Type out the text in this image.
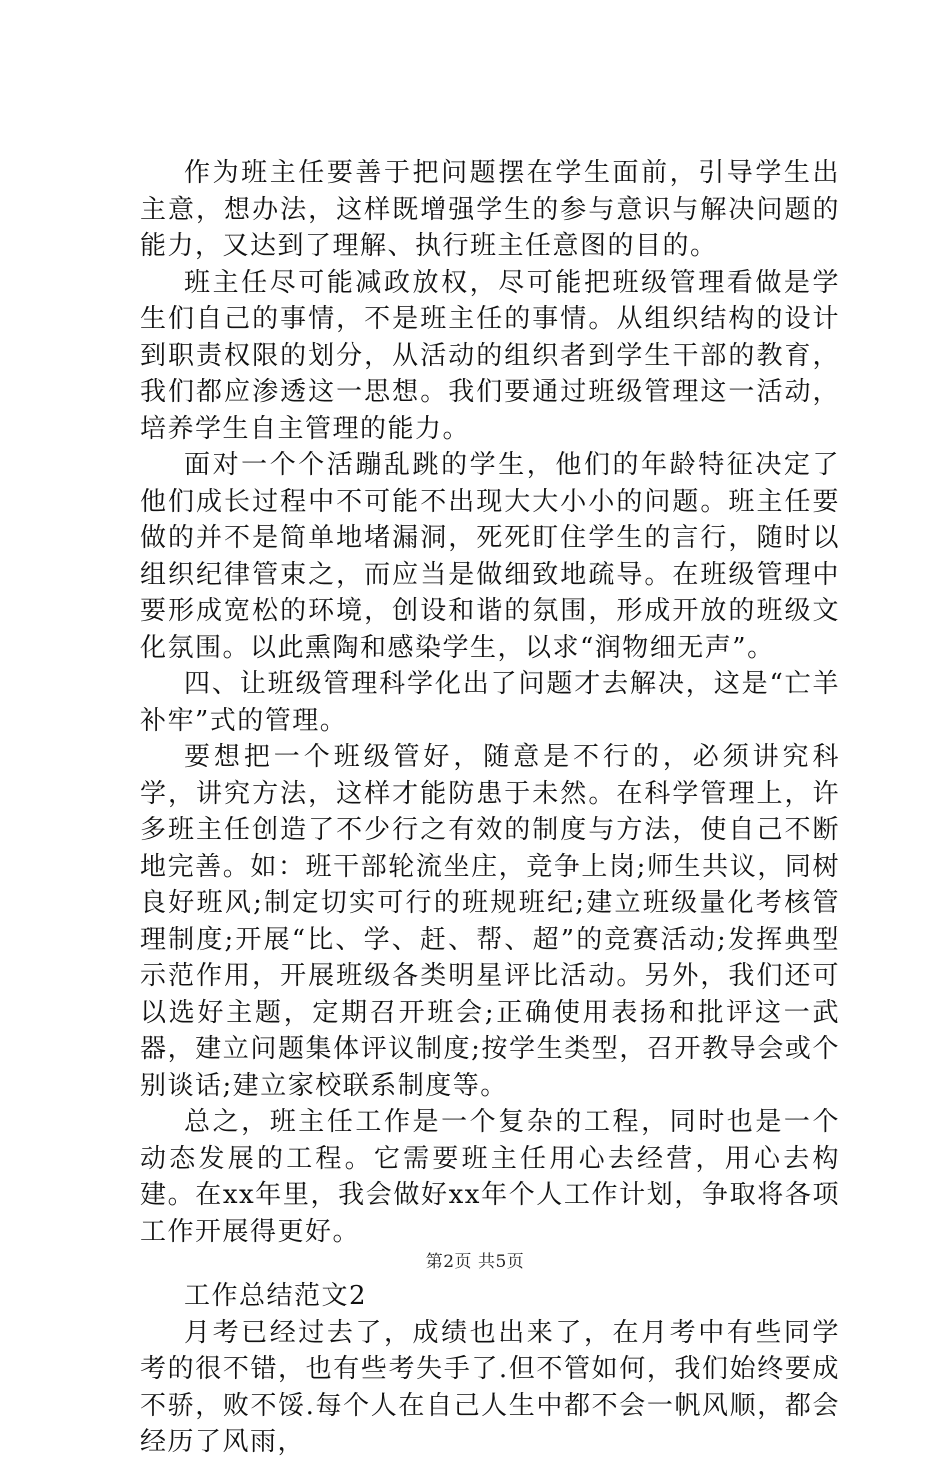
作为班主任要善于把问题摆在学生面前，引导学生出主意，想办法，这样既增强学生的参与意识与解决问题的能力，又达到了理解、执行班主任意图的目的。

班主任尽可能减政放权，尽可能把班级管理看做是学生们自己的事情，不是班主任的事情。从组织结构的设计到职责权限的划分，从活动的组织者到学生干部的教育，我们都应渗透这一思想。我们要通过班级管理这一活动，培养学生自主管理的能力。

面对一个个活蹦乱跳的学生，他们的年龄特征决定了他们成长过程中不可能不出现大大小小的问题。班主任要做的并不是简单地堵漏洞，死死盯住学生的言行，随时以组织纪律管束之，而应当是做细致地疏导。在班级管理中要形成宽松的环境，创设和谐的氛围，形成开放的班级文化氛围。以此熏陶和感染学生，以求“润物细无声”。

四、让班级管理科学化出了问题才去解决，这是“亡羊补牢”式的管理。

要想把一个班级管好，随意是不行的，必须讲究科学，讲究方法，这样才能防患于未然。在科学管理上，许多班主任创造了不少行之有效的制度与方法，使自己不断地完善。如：班干部轮流坐庄，竞争上岗;师生共议，同树良好班风;制定切实可行的班规班纪;建立班级量化考核管理制度;开展“比、学、赶、帮、超”的竞赛活动;发挥典型示范作用，开展班级各类明星评比活动。另外，我们还可以选好主题，定期召开班会;正确使用表扬和批评这一武器，建立问题集体评议制度;按学生类型，召开教导会或个别谈话;建立家校联系制度等。

总之，班主任工作是一个复杂的工程，同时也是一个动态发展的工程。它需要班主任用心去经营，用心去构建。在xx年里，我会做好xx年个人工作计划，争取将各项工作开展得更好。

工作总结范文2

月考已经过去了，成绩也出来了，在月考中有些同学考的很不错，也有些考失手了.但不管如何，我们始终要成不骄，败不馁.每个人在自己人生中都不会一帆风顺，都会经历了风雨，

第2页 共5页
